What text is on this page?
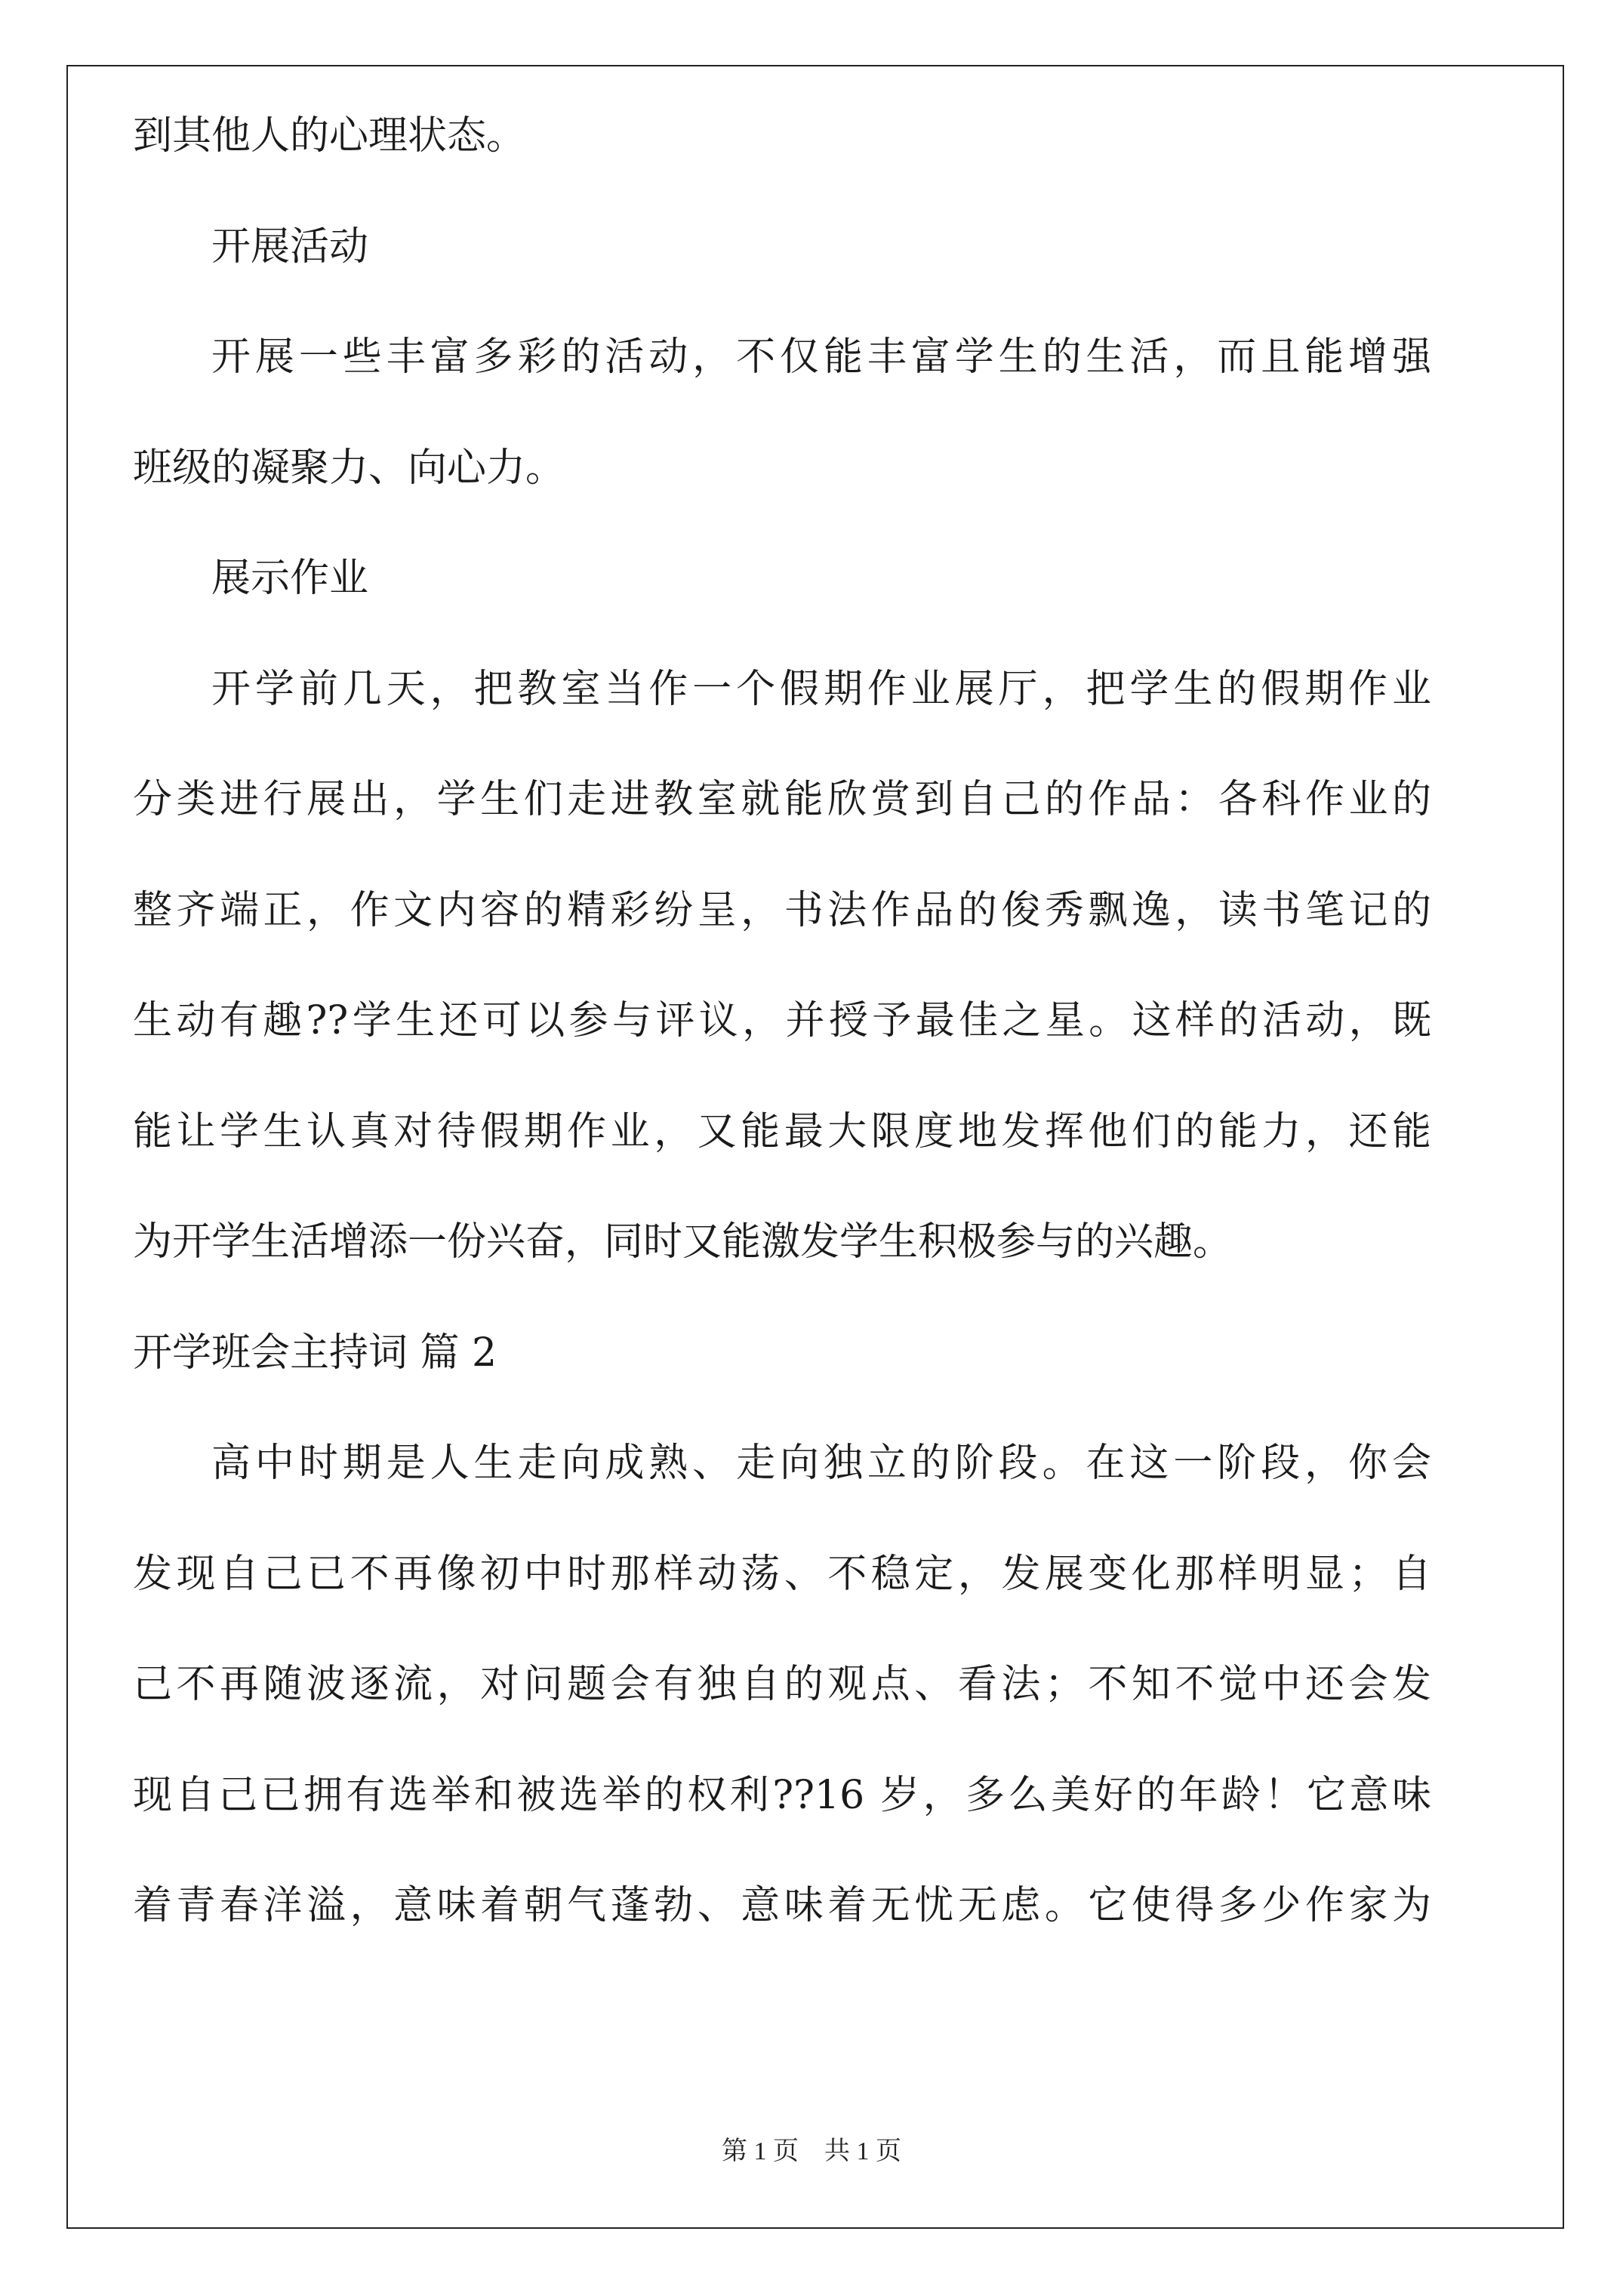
到其他人的心理状态。
开展活动
开展一些丰富多彩的活动，不仅能丰富学生的生活，而且能增强
班级的凝聚力、向心力。
展示作业
开学前几天，把教室当作一个假期作业展厅，把学生的假期作业
分类进行展出，学生们走进教室就能欣赏到自己的作品：各科作业的
整齐端正，作文内容的精彩纷呈，书法作品的俊秀飘逸，读书笔记的
生动有趣??学生还可以参与评议，并授予最佳之星。这样的活动，既
能让学生认真对待假期作业，又能最大限度地发挥他们的能力，还能
为开学生活增添一份兴奋，同时又能激发学生积极参与的兴趣。
开学班会主持词 篇 2
高中时期是人生走向成熟、走向独立的阶段。在这一阶段，你会
发现自己已不再像初中时那样动荡、不稳定，发展变化那样明显；自
己不再随波逐流，对问题会有独自的观点、看法；不知不觉中还会发
现自己已拥有选举和被选举的权利??16 岁，多么美好的年龄！它意味
着青春洋溢，意味着朝气蓬勃、意味着无忧无虑。它使得多少作家为
第 1 页　共 1 页
